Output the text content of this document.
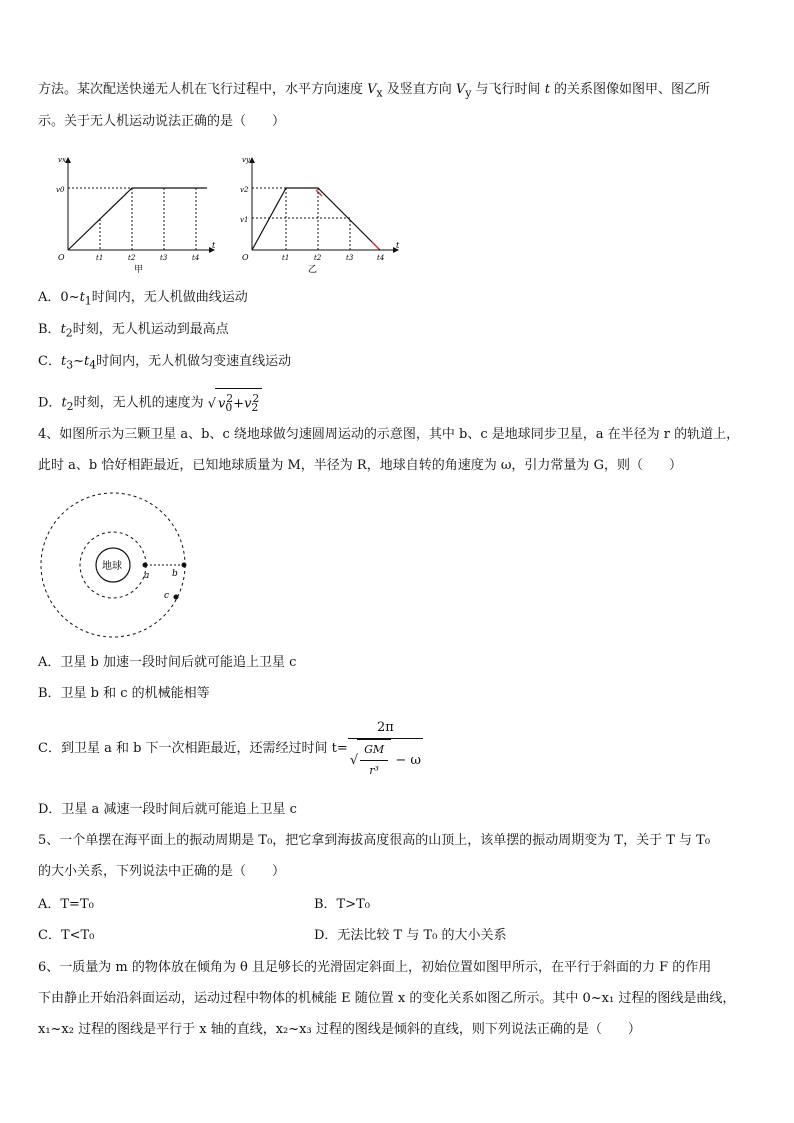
方法。某次配送快递无人机在飞行过程中，水平方向速度 $V_x$ 及竖直方向 $V_y$ 与飞行时间 t 的关系图像如图甲、图乙所
示。关于无人机运动说法正确的是（　　）
vx
O
t
v0
t1	t2	t3	t4
甲
vy
O
t
v2
v1
t1	t2	t3	t4
乙
A．$0\sim t_1$时间内，无人机做曲线运动
B．$t_2$时刻，无人机运动到最高点
C．$t_3\sim t_4$时间内，无人机做匀变速直线运动
D．$t_2$时刻，无人机的速度为 √ $v_0^2+v_2^2$
4、如图所示为三颗卫星 a、b、c 绕地球做匀速圆周运动的示意图，其中 b、c 是地球同步卫星，a 在半径为 r 的轨道上，
此时 a、b 恰好相距最近，已知地球质量为 M，半径为 R，地球自转的角速度为 ω，引力常量为 G，则（　　）
地球
a	b
c
A．卫星 b 加速一段时间后就可能追上卫星 c
B．卫星 b 和 c 的机械能相等
C．到卫星 a 和 b 下一次相距最近，还需经过时间 $t= \frac{2\pi}{√ \frac{GM}{\text{r³}} - \omega}$
D．卫星 a 减速一段时间后就可能追上卫星 c
5、一个单摆在海平面上的振动周期是 T₀，把它拿到海拔高度很高的山顶上，该单摆的振动周期变为 T，关于 T 与 T₀
的大小关系，下列说法中正确的是（　　）
A．T=T₀	B．T>T₀
C．T<T₀	D．无法比较 T 与 T₀ 的大小关系
6、一质量为 m 的物体放在倾角为 θ 且足够长的光滑固定斜面上，初始位置如图甲所示，在平行于斜面的力 F 的作用
下由静止开始沿斜面运动，运动过程中物体的机械能 E 随位置 x 的变化关系如图乙所示。其中 0~x₁ 过程的图线是曲线，
x₁~x₂ 过程的图线是平行于 x 轴的直线，x₂~x₃ 过程的图线是倾斜的直线，则下列说法正确的是（　　）
